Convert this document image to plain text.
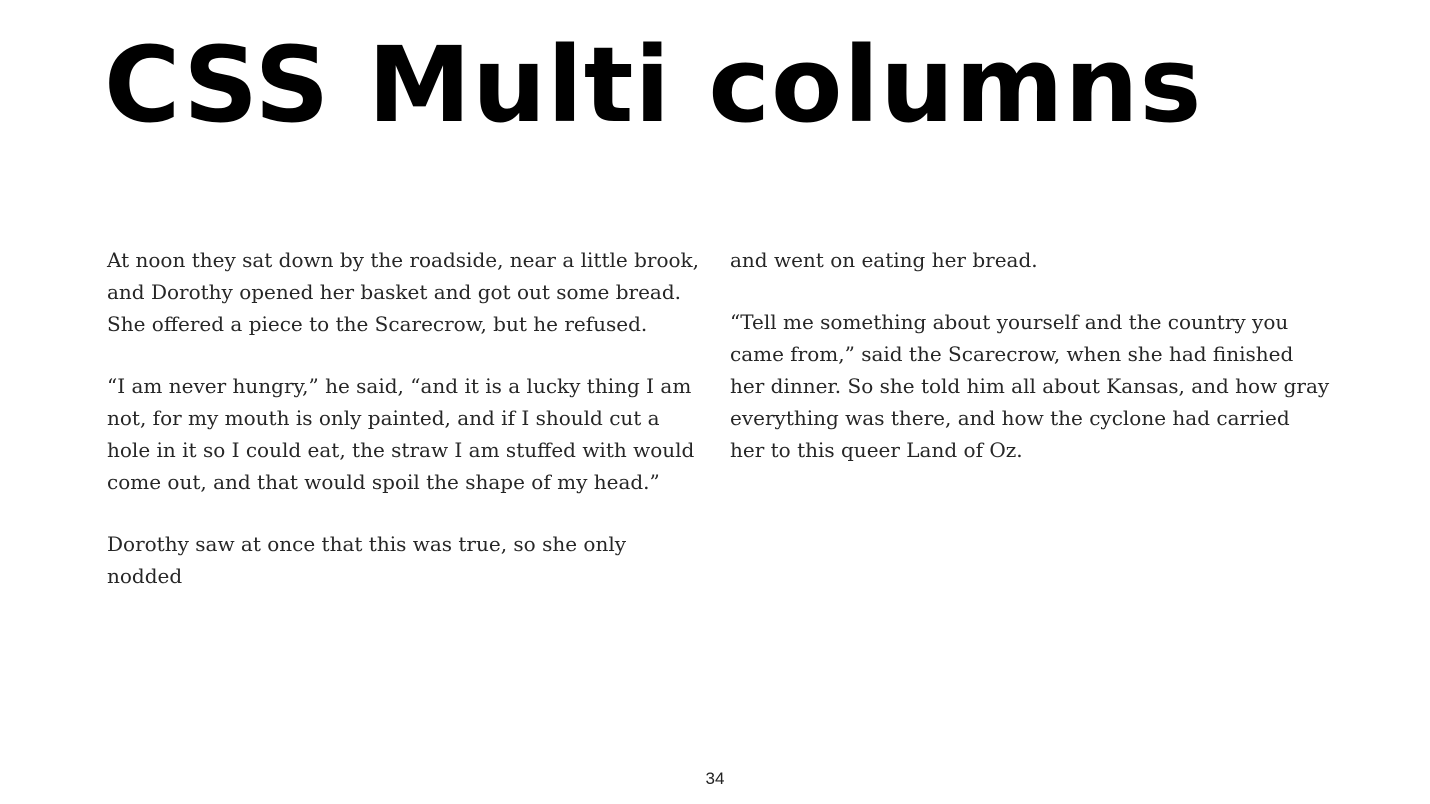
CSS Multi columns

At noon they sat down by the roadside, near a little brook, and Dorothy opened her basket and got out some bread. She offered a piece to the Scarecrow, but he refused.

“I am never hungry,” he said, “and it is a lucky thing I am not, for my mouth is only painted, and if I should cut a hole in it so I could eat, the straw I am stuffed with would come out, and that would spoil the shape of my head.”

Dorothy saw at once that this was true, so she only nodded

and went on eating her bread.

“Tell me something about yourself and the country you came from,” said the Scarecrow, when she had finished her dinner. So she told him all about Kansas, and how gray everything was there, and how the cyclone had carried her to this queer Land of Oz.

34
